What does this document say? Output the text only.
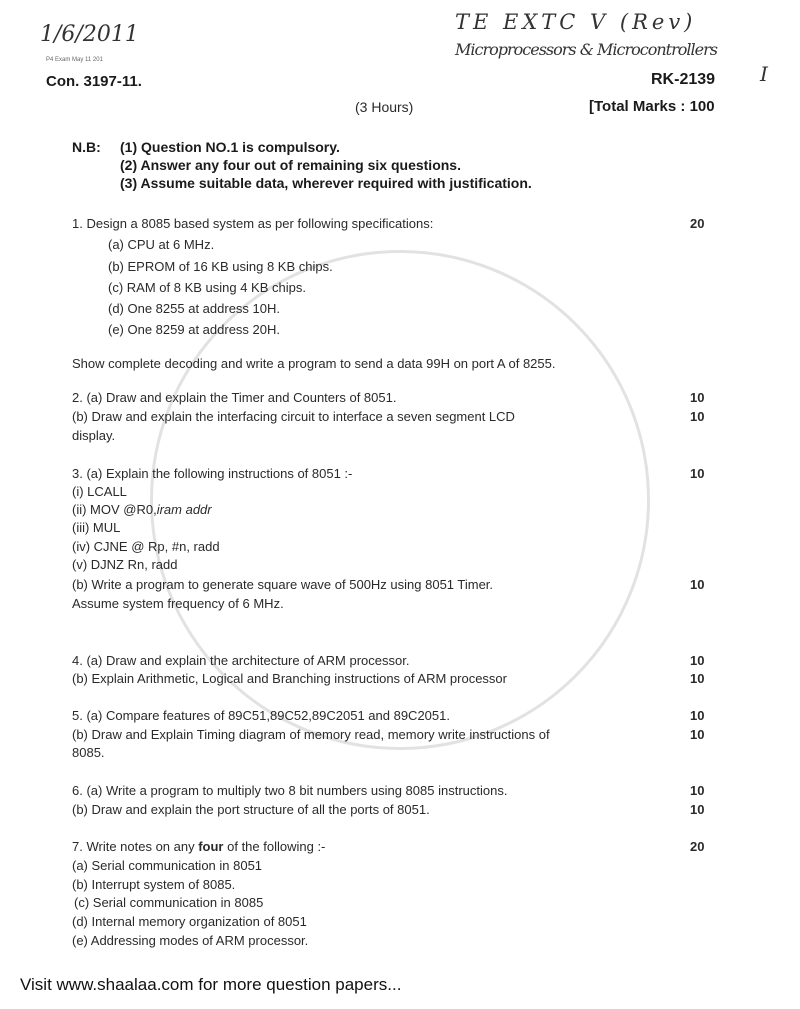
1/6/2011
P4 Exam May 11 201
Con. 3197-11.
TE EXTC V (Rev)
Microprocessors & Microcontrollers
RK-2139 I
(3 Hours)	[Total Marks : 100
N.B: (1) Question NO.1 is compulsory.
(2) Answer any four out of remaining six questions.
(3) Assume suitable data, wherever required with justification.
1. Design a 8085 based system as per following specifications:	20
(a) CPU at 6 MHz.
(b) EPROM of 16 KB using 8 KB chips.
(c) RAM of 8 KB using 4 KB chips.
(d) One 8255 at address 10H.
(e) One 8259 at address 20H.
Show complete decoding and write a program to send a data 99H on port A of 8255.
2. (a) Draw and explain the Timer and Counters of 8051.	10
(b) Draw and explain the interfacing circuit to interface a seven segment LCD	10
display.
3. (a) Explain the following instructions of 8051 :-	10
(i) LCALL
(ii) MOV @R0,iram addr
(iii) MUL
(iv) CJNE @ Rp, #n, radd
(v) DJNZ Rn, radd
(b) Write a program to generate square wave of 500Hz using 8051 Timer.	10
Assume system frequency of 6 MHz.
4. (a) Draw and explain the architecture of ARM processor.	10
(b) Explain Arithmetic, Logical and Branching instructions of ARM processor	10
5. (a) Compare features of 89C51,89C52,89C2051 and 89C2051.	10
(b) Draw and Explain Timing diagram of memory read, memory write instructions of	10
8085.
6. (a) Write a program to multiply two 8 bit numbers using 8085 instructions.	10
(b) Draw and explain the port structure of all the ports of 8051.	10
7. Write notes on any four of the following :-	20
(a) Serial communication in 8051
(b) Interrupt system of 8085.
(c) Serial communication in 8085
(d) Internal memory organization of 8051
(e) Addressing modes of ARM processor.
Visit www.shaalaa.com for more question papers...
